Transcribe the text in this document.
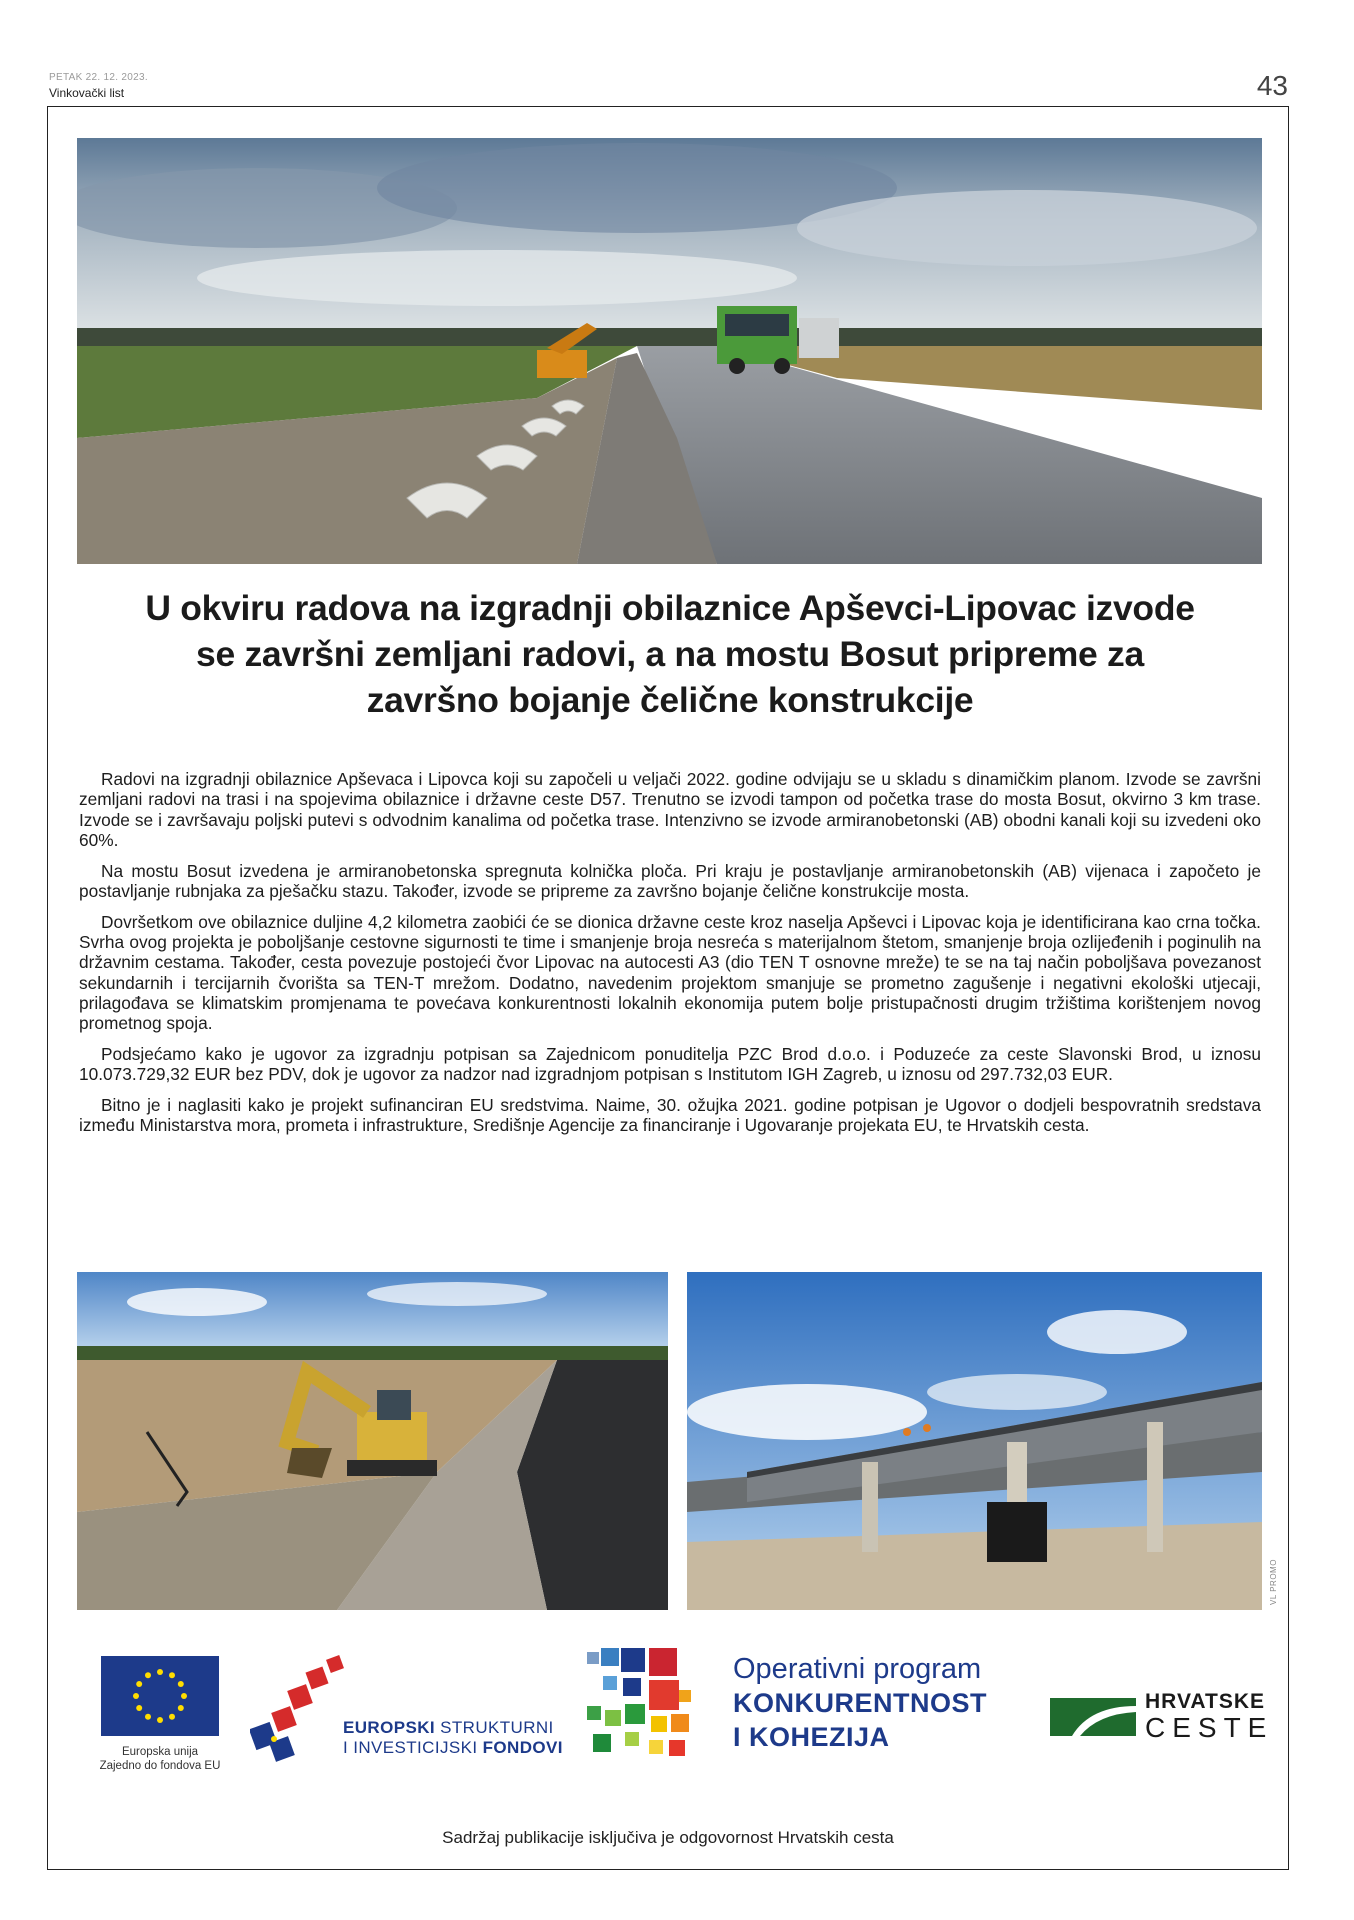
PETAK 22. 12. 2023.
Vinkovački list	43
U okviru radova na izgradnji obilaznice Apševci-Lipovac izvode
se završni zemljani radovi, a na mostu Bosut pripreme za
završno bojanje čelične konstrukcije

Radovi na izgradnji obilaznice Apševaca i Lipovca koji su započeli u veljači 2022. godine odvijaju se u skladu s dinamičkim planom. Izvode se završni zemljani radovi na trasi i na spojevima obilaznice i državne ceste D57. Trenutno se izvodi tampon od početka trase do mosta Bosut, okvirno 3 km trase. Izvode se i završavaju poljski putevi s odvodnim kanalima od početka trase. Intenzivno se izvode armiranobetonski (AB) obodni kanali koji su izvedeni oko 60%.

Na mostu Bosut izvedena je armiranobetonska spregnuta kolnička ploča. Pri kraju je postavljanje armiranobetonskih (AB) vijenaca i započeto je postavljanje rubnjaka za pješačku stazu. Također, izvode se pripreme za završno bojanje čelične konstrukcije mosta.

Dovršetkom ove obilaznice duljine 4,2 kilometra zaobići će se dionica državne ceste kroz naselja Apševci i Lipovac koja je identificirana kao crna točka. Svrha ovog projekta je poboljšanje cestovne sigurnosti te time i smanjenje broja nesreća s materijalnom štetom, smanjenje broja ozlijeđenih i poginulih na državnim cestama. Također, cesta povezuje postojeći čvor Lipovac na autocesti A3 (dio TEN T osnovne mreže) te se na taj način poboljšava povezanost sekundarnih i tercijarnih čvorišta sa TEN-T mrežom. Dodatno, navedenim projektom smanjuje se prometno zagušenje i negativni ekološki utjecaji, prilagođava se klimatskim promjenama te povećava konkurentnosti lokalnih ekonomija putem bolje pristupačnosti drugim tržištima korištenjem novog prometnog spoja.

Podsjećamo kako je ugovor za izgradnju potpisan sa Zajednicom ponuditelja PZC Brod d.o.o. i Poduzeće za ceste Slavonski Brod, u iznosu 10.073.729,32 EUR bez PDV, dok je ugovor za nadzor nad izgradnjom potpisan s Institutom IGH Zagreb, u iznosu od 297.732,03 EUR.

Bitno je i naglasiti kako je projekt sufinanciran EU sredstvima. Naime, 30. ožujka 2021. godine potpisan je Ugovor o dodjeli bespovratnih sredstava između Ministarstva mora, prometa i infrastrukture, Središnje Agencije za financiranje i Ugovaranje projekata EU, te Hrvatskih cesta.

VL PROMO
Europska unija
Zajedno do fondova EU
EUROPSKI STRUKTURNI
I INVESTICIJSKI FONDOVI
Operativni program
KONKURENTNOST
I KOHEZIJA
HRVATSKE
CESTE
Sadržaj publikacije isključiva je odgovornost Hrvatskih cesta
